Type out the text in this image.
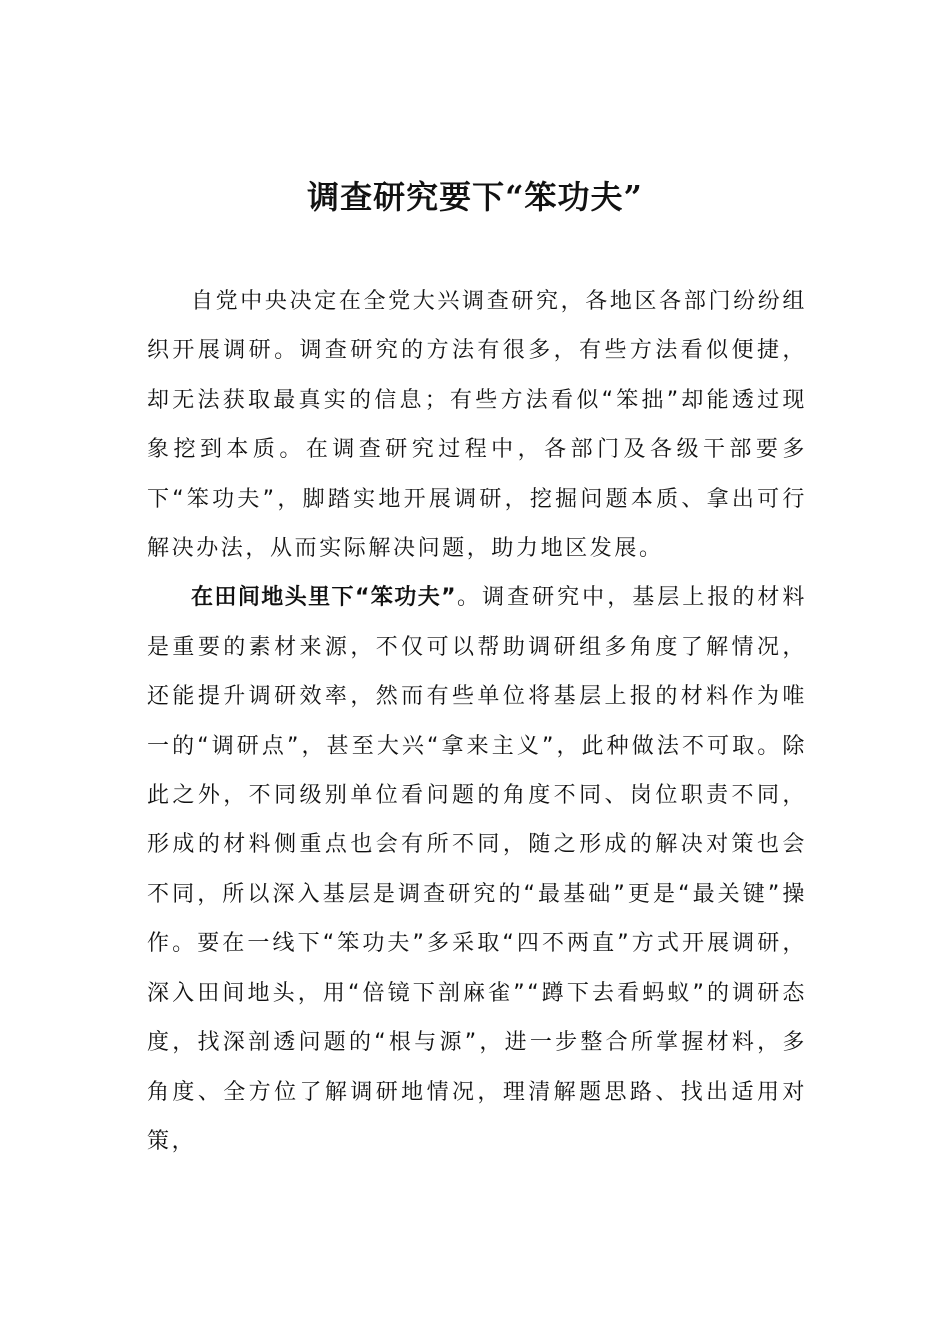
调查研究要下“笨功夫”

自党中央决定在全党大兴调查研究，各地区各部门纷纷组织开展调研。调查研究的方法有很多，有些方法看似便捷，却无法获取最真实的信息；有些方法看似“笨拙”却能透过现象挖到本质。在调查研究过程中，各部门及各级干部要多下“笨功夫”，脚踏实地开展调研，挖掘问题本质、拿出可行解决办法，从而实际解决问题，助力地区发展。

在田间地头里下“笨功夫”。调查研究中，基层上报的材料是重要的素材来源，不仅可以帮助调研组多角度了解情况，还能提升调研效率，然而有些单位将基层上报的材料作为唯一的“调研点”，甚至大兴“拿来主义”，此种做法不可取。除此之外，不同级别单位看问题的角度不同、岗位职责不同，形成的材料侧重点也会有所不同，随之形成的解决对策也会不同，所以深入基层是调查研究的“最基础”更是“最关键”操作。要在一线下“笨功夫”多采取“四不两直”方式开展调研，深入田间地头，用“倍镜下剖麻雀”“蹲下去看蚂蚁”的调研态度，找深剖透问题的“根与源”，进一步整合所掌握材料，多角度、全方位了解调研地情况，理清解题思路、找出适用对策，
